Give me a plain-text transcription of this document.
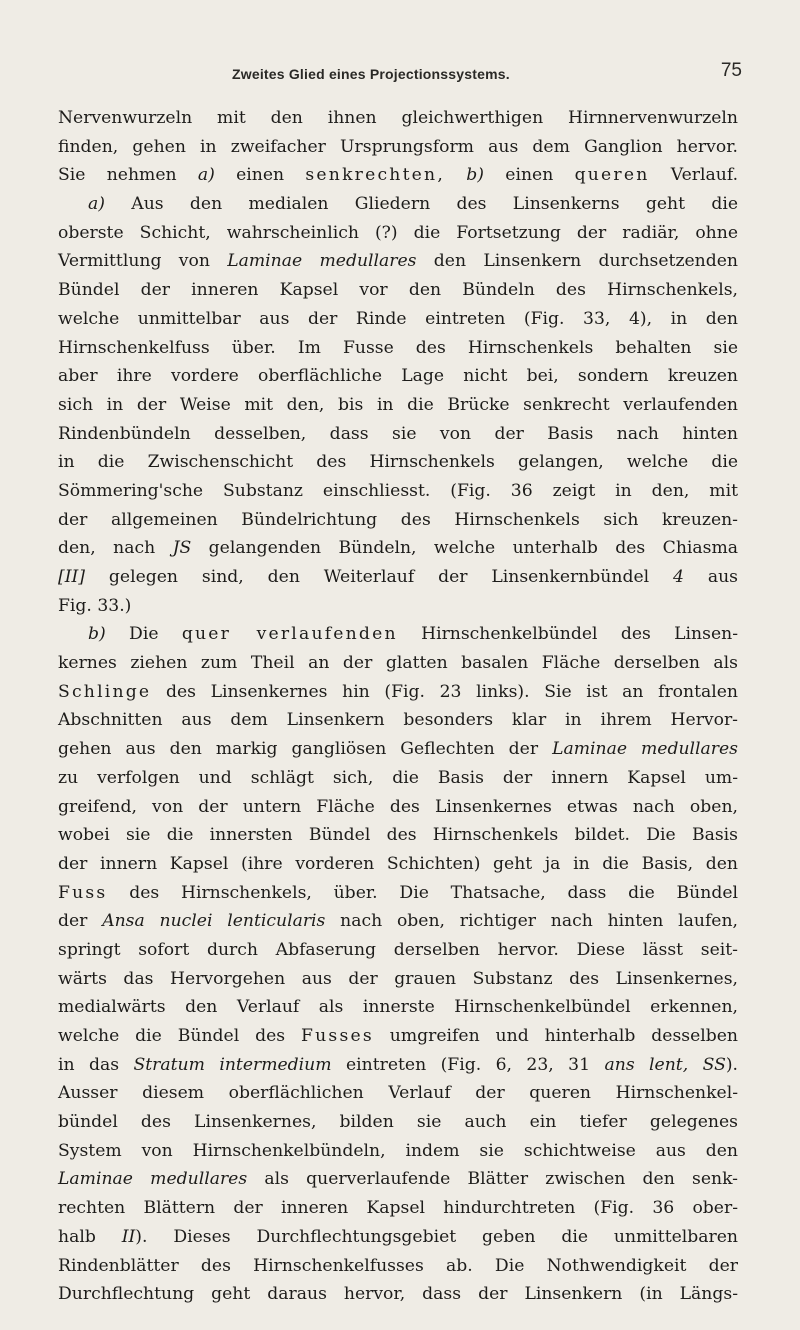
Zweites Glied eines Projectionssystems.	75
Nervenwurzeln mit den ihnen gleichwerthigen Hirnnervenwurzeln
finden, gehen in zweifacher Ursprungsform aus dem Ganglion hervor.
Sie nehmen a) einen senkrechten, b) einen queren Verlauf.
a) Aus den medialen Gliedern des Linsenkerns geht die
oberste Schicht, wahrscheinlich (?) die Fortsetzung der radiär, ohne
Vermittlung von Laminae medullares den Linsenkern durchsetzenden
Bündel der inneren Kapsel vor den Bündeln des Hirnschenkels,
welche unmittelbar aus der Rinde eintreten (Fig. 33, 4), in den
Hirnschenkelfuss über. Im Fusse des Hirnschenkels behalten sie
aber ihre vordere oberflächliche Lage nicht bei, sondern kreuzen
sich in der Weise mit den, bis in die Brücke senkrecht verlaufenden
Rindenbündeln desselben, dass sie von der Basis nach hinten
in die Zwischenschicht des Hirnschenkels gelangen, welche die
Sömmering'sche Substanz einschliesst. (Fig. 36 zeigt in den, mit
der allgemeinen Bündelrichtung des Hirnschenkels sich kreuzen-
den, nach JS gelangenden Bündeln, welche unterhalb des Chiasma
[II] gelegen sind, den Weiterlauf der Linsenkernbündel 4 aus
Fig. 33.)
b) Die quer verlaufenden Hirnschenkelbündel des Linsen-
kernes ziehen zum Theil an der glatten basalen Fläche derselben als
Schlinge des Linsenkernes hin (Fig. 23 links). Sie ist an frontalen
Abschnitten aus dem Linsenkern besonders klar in ihrem Hervor-
gehen aus den markig gangliösen Geflechten der Laminae medullares
zu verfolgen und schlägt sich, die Basis der innern Kapsel um-
greifend, von der untern Fläche des Linsenkernes etwas nach oben,
wobei sie die innersten Bündel des Hirnschenkels bildet. Die Basis
der innern Kapsel (ihre vorderen Schichten) geht ja in die Basis, den
Fuss des Hirnschenkels, über. Die Thatsache, dass die Bündel
der Ansa nuclei lenticularis nach oben, richtiger nach hinten laufen,
springt sofort durch Abfaserung derselben hervor. Diese lässt seit-
wärts das Hervorgehen aus der grauen Substanz des Linsenkernes,
medialwärts den Verlauf als innerste Hirnschenkelbündel erkennen,
welche die Bündel des Fusses umgreifen und hinterhalb desselben
in das Stratum intermedium eintreten (Fig. 6, 23, 31 ans lent, SS).
Ausser diesem oberflächlichen Verlauf der queren Hirnschenkel-
bündel des Linsenkernes, bilden sie auch ein tiefer gelegenes
System von Hirnschenkelbündeln, indem sie schichtweise aus den
Laminae medullares als querverlaufende Blätter zwischen den senk-
rechten Blättern der inneren Kapsel hindurchtreten (Fig. 36 ober-
halb II). Dieses Durchflechtungsgebiet geben die unmittelbaren
Rindenblätter des Hirnschenkelfusses ab. Die Nothwendigkeit der
Durchflechtung geht daraus hervor, dass der Linsenkern (in Längs-
